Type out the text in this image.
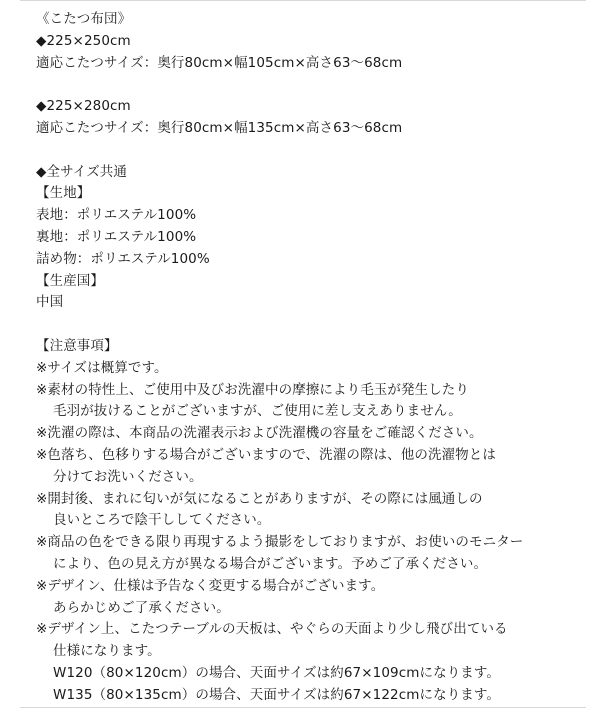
《こたつ布団》
◆225×250cm
適応こたつサイズ：奥行80cm×幅105cm×高さ63〜68cm
◆225×280cm
適応こたつサイズ：奥行80cm×幅135cm×高さ63〜68cm
◆全サイズ共通
【生地】
表地：ポリエステル100%
裏地：ポリエステル100%
詰め物：ポリエステル100%
【生産国】
中国
【注意事項】
※サイズは概算です。
※素材の特性上、ご使用中及びお洗濯中の摩擦により毛玉が発生したり
毛羽が抜けることがございますが、ご使用に差し支えありません。
※洗濯の際は、本商品の洗濯表示および洗濯機の容量をご確認ください。
※色落ち、色移りする場合がございますので、洗濯の際は、他の洗濯物とは
分けてお洗いください。
※開封後、まれに匂いが気になることがありますが、その際には風通しの
良いところで陰干ししてください。
※商品の色をできる限り再現するよう撮影をしておりますが、お使いのモニター
により、色の見え方が異なる場合がございます。予めご了承ください。
※デザイン、仕様は予告なく変更する場合がございます。
あらかじめご了承ください。
※デザイン上、こたつテーブルの天板は、やぐらの天面より少し飛び出ている
仕様になります。
W120（80×120cm）の場合、天面サイズは約67×109cmになります。
W135（80×135cm）の場合、天面サイズは約67×122cmになります。
